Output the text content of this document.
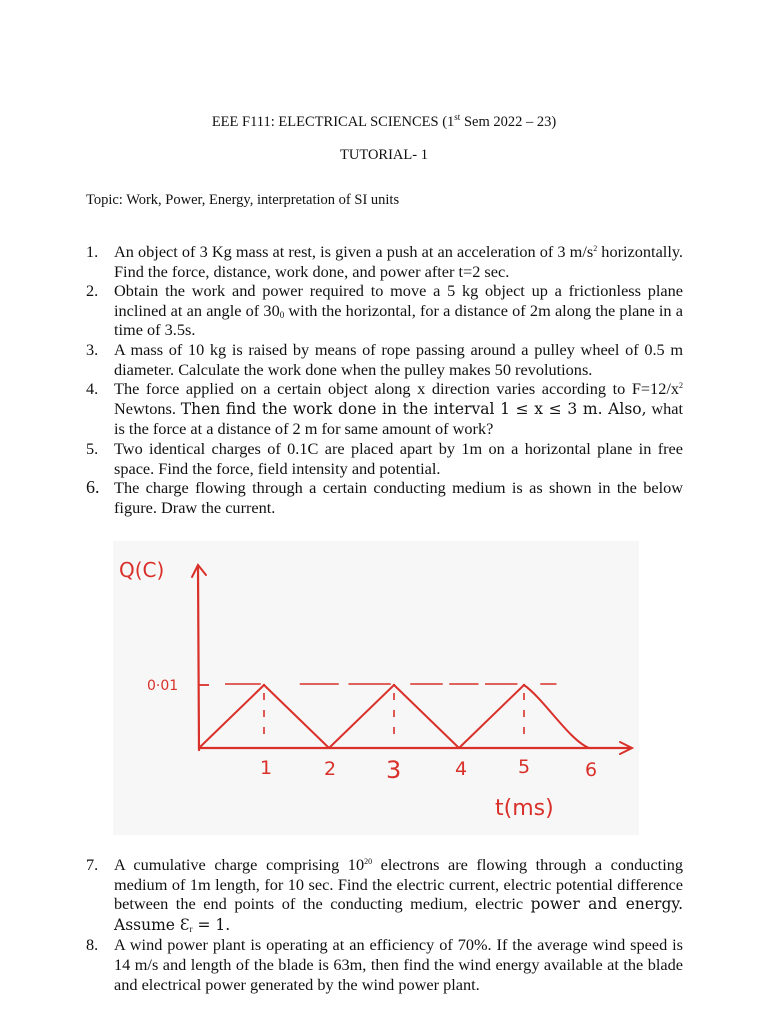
EEE F111: ELECTRICAL SCIENCES (1st Sem 2022 – 23)
TUTORIAL- 1
Topic: Work, Power, Energy, interpretation of SI units
1. An object of 3 Kg mass at rest, is given a push at an acceleration of 3 $m/s^2$ horizontally. Find the force, distance, work done, and power after t=2 sec.
2. Obtain the work and power required to move a 5 kg object up a frictionless plane inclined at an angle of $30_0$ with the horizontal, for a distance of 2m along the plane in a time of 3.5s.
3. A mass of 10 kg is raised by means of rope passing around a pulley wheel of 0.5 m diameter. Calculate the work done when the pulley makes 50 revolutions.
4. The force applied on a certain object along x direction varies according to $F=12/x^2$ Newtons. Then find the work done in the interval 1 ≤ x ≤ 3 m. Also, what is the force at a distance of 2 m for same amount of work?
5. Two identical charges of 0.1C are placed apart by 1m on a horizontal plane in free space. Find the force, field intensity and potential.
6. The charge flowing through a certain conducting medium is as shown in the below figure. Draw the current.
0·01
1	2 3	4	5	6
Q(C)
t(ms)
7. A cumulative charge comprising $10^{20}$ electrons are flowing through a conducting medium of 1m length, for 10 sec. Find the electric current, electric potential difference between the end points of the conducting medium, electric power and energy. Assume $Ɛ_r = 1$.
8. A wind power plant is operating at an efficiency of 70%. If the average wind speed is 14 m/s and length of the blade is 63m, then find the wind energy available at the blade and electrical power generated by the wind power plant.
